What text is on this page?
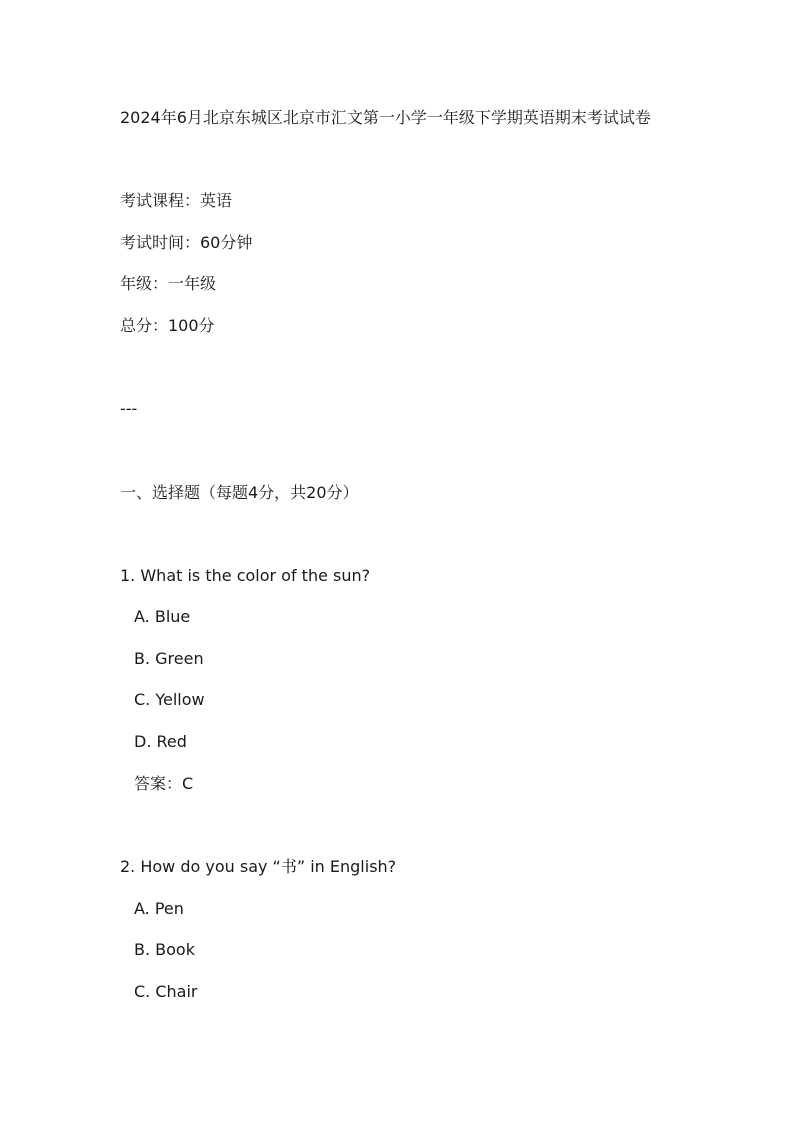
2024年6月北京东城区北京市汇文第一小学一年级下学期英语期末考试试卷
考试课程：英语
考试时间：60分钟
年级：一年级
总分：100分
---
一、选择题（每题4分，共20分）
1. What is the color of the sun?
A. Blue
B. Green
C. Yellow
D. Red
答案：C
2. How do you say “书” in English?
A. Pen
B. Book
C. Chair
